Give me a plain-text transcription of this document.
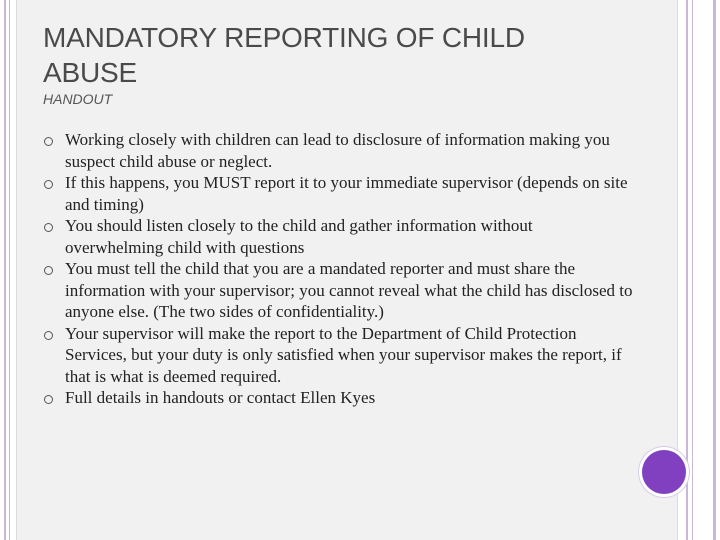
MANDATORY REPORTING OF CHILD ABUSE

HANDOUT

Working closely with children can lead to disclosure of information making you suspect child abuse or neglect.
If this happens, you MUST report it to your immediate supervisor (depends on site and timing)
You should listen closely to the child and gather information without overwhelming child with questions
You must tell the child that you are a mandated reporter and must share the information with your supervisor; you cannot reveal what the child has disclosed to anyone else. (The two sides of confidentiality.)
Your supervisor will make the report to the Department of Child Protection Services, but your duty is only satisfied when your supervisor makes the report, if that is what is deemed required.
Full details in handouts or contact Ellen Kyes
